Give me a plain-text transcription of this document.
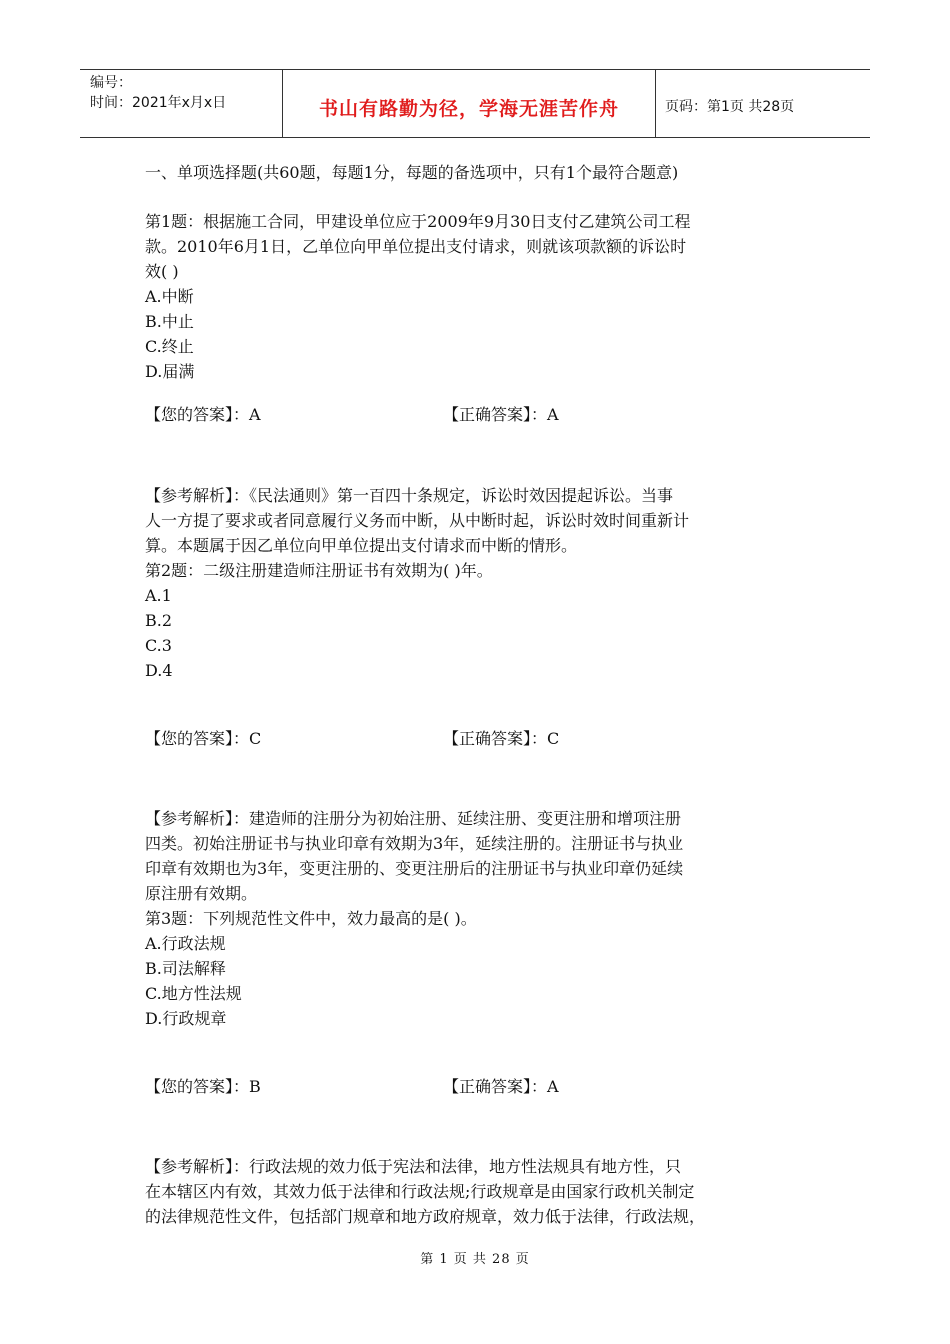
编号：
时间：2021年x月x日	书山有路勤为径，学海无涯苦作舟	页码：第1页 共28页
一、单项选择题(共60题，每题1分，每题的备选项中，只有1个最符合题意)
第1题：根据施工合同，甲建设单位应于2009年9月30日支付乙建筑公司工程
款。2010年6月1日，乙单位向甲单位提出支付请求，则就该项款额的诉讼时
效( )
A.中断
B.中止
C.终止
D.届满
【您的答案】：A	【正确答案】：A
【参考解析】：《民法通则》第一百四十条规定，诉讼时效因提起诉讼。当事
人一方提了要求或者同意履行义务而中断，从中断时起，诉讼时效时间重新计
算。本题属于因乙单位向甲单位提出支付请求而中断的情形。
第2题：二级注册建造师注册证书有效期为( )年。
A.1
B.2
C.3
D.4
【您的答案】：C	【正确答案】：C
【参考解析】：建造师的注册分为初始注册、延续注册、变更注册和增项注册
四类。初始注册证书与执业印章有效期为3年，延续注册的。注册证书与执业
印章有效期也为3年，变更注册的、变更注册后的注册证书与执业印章仍延续
原注册有效期。
第3题：下列规范性文件中，效力最高的是( )。
A.行政法规
B.司法解释
C.地方性法规
D.行政规章
【您的答案】：B	【正确答案】：A
【参考解析】：行政法规的效力低于宪法和法律，地方性法规具有地方性，只
在本辖区内有效，其效力低于法律和行政法规;行政规章是由国家行政机关制定
的法律规范性文件，包括部门规章和地方政府规章，效力低于法律，行政法规，
第 1 页 共 28 页
